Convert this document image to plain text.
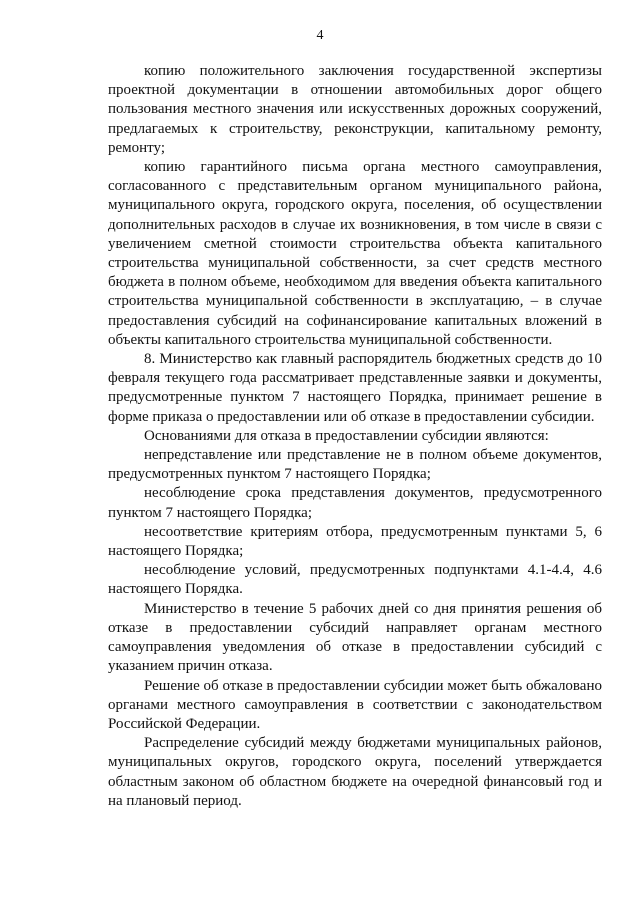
4

копию положительного заключения государственной экспертизы проектной документации в отношении автомобильных дорог общего пользования местного значения или искусственных дорожных сооружений, предлагаемых к строительству, реконструкции, капитальному ремонту, ремонту;

копию гарантийного письма органа местного самоуправления, согласованного с представительным органом муниципального района, муниципального округа, городского округа, поселения, об осуществлении дополнительных расходов в случае их возникновения, в том числе в связи с увеличением сметной стоимости строительства объекта капитального строительства муниципальной собственности, за счет средств местного бюджета в полном объеме, необходимом для введения объекта капитального строительства муниципальной собственности в эксплуатацию, – в случае предоставления субсидий на софинансирование капитальных вложений в объекты капитального строительства муниципальной собственности.

8. Министерство как главный распорядитель бюджетных средств до 10 февраля текущего года рассматривает представленные заявки и документы, предусмотренные пунктом 7 настоящего Порядка, принимает решение в форме приказа о предоставлении или об отказе в предоставлении субсидии.

Основаниями для отказа в предоставлении субсидии являются:

непредставление или представление не в полном объеме документов, предусмотренных пунктом 7 настоящего Порядка;

несоблюдение срока представления документов, предусмотренного пунктом 7 настоящего Порядка;

несоответствие критериям отбора, предусмотренным пунктами 5, 6 настоящего Порядка;

несоблюдение условий, предусмотренных подпунктами 4.1-4.4, 4.6 настоящего Порядка.

Министерство в течение 5 рабочих дней со дня принятия решения об отказе в предоставлении субсидий направляет органам местного самоуправления уведомления об отказе в предоставлении субсидий с указанием причин отказа.

Решение об отказе в предоставлении субсидии может быть обжаловано органами местного самоуправления в соответствии с законодательством Российской Федерации.

Распределение субсидий между бюджетами муниципальных районов, муниципальных округов, городского округа, поселений утверждается областным законом об областном бюджете на очередной финансовый год и на плановый период.
